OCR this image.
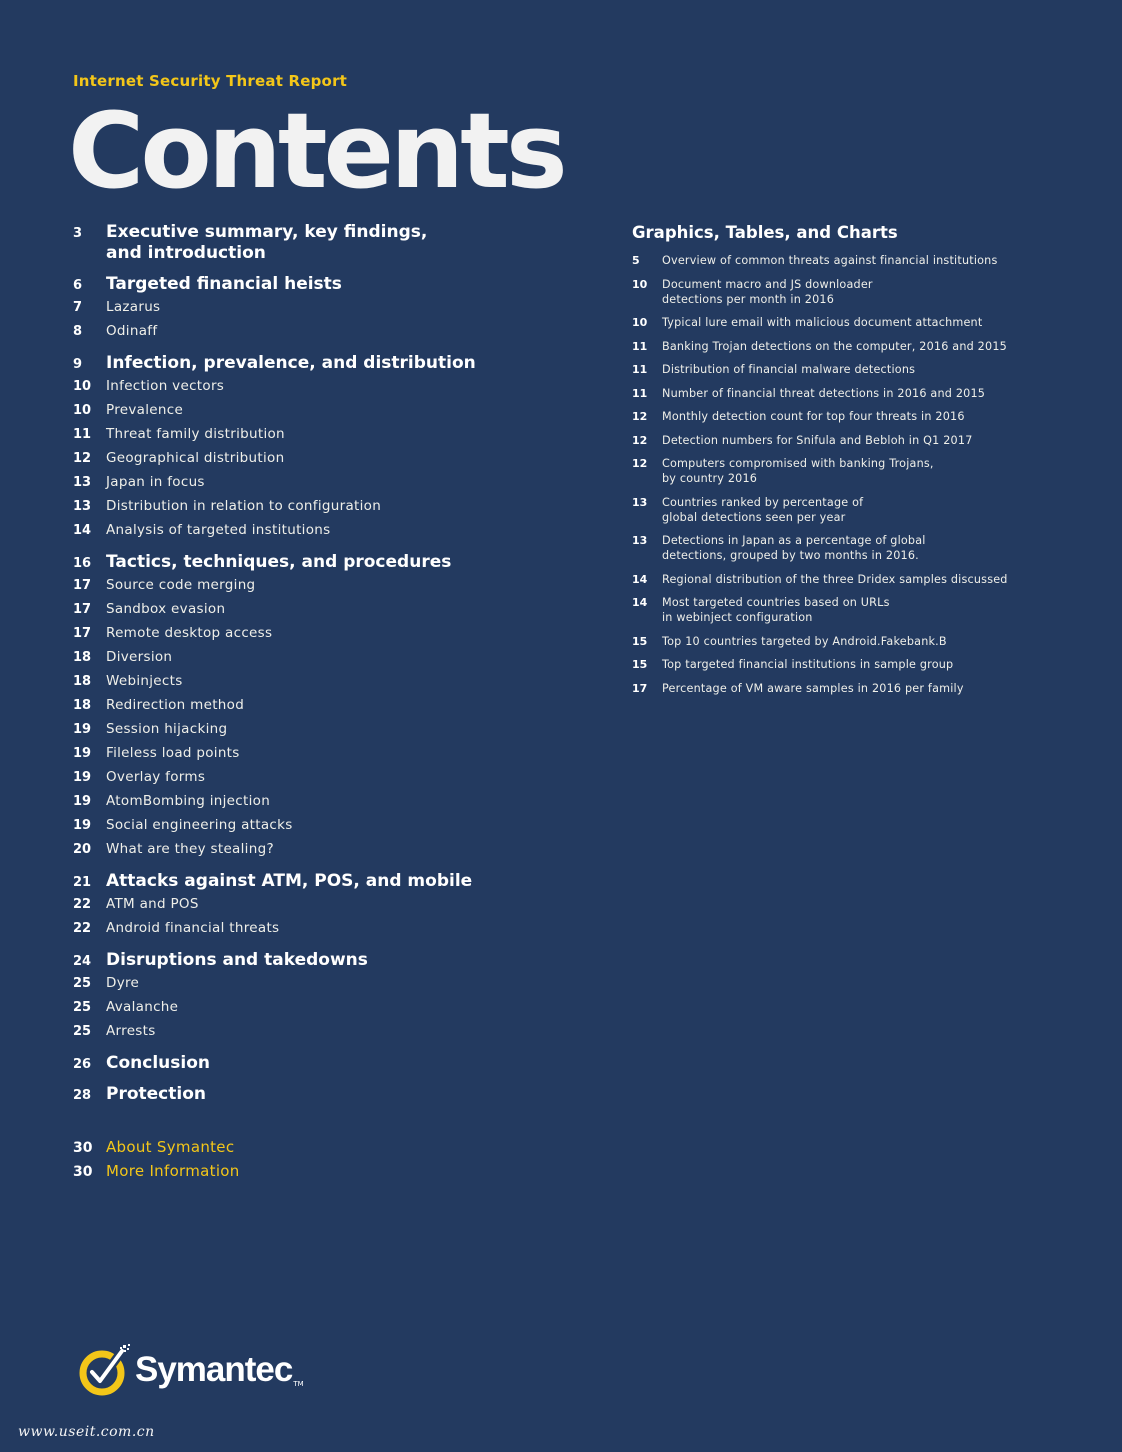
Internet Security Threat Report
Contents
3	Executive summary, key findings,
and introduction
6	Targeted financial heists
7	Lazarus
8	Odinaff
9	Infection, prevalence, and distribution
10	Infection vectors
10	Prevalence
11	Threat family distribution
12	Geographical distribution
13	Japan in focus
13	Distribution in relation to configuration
14	Analysis of targeted institutions
16 Tactics, techniques, and procedures
17	Source code merging
17	Sandbox evasion
17	Remote desktop access
18	Diversion
18	Webinjects
18	Redirection method
19	Session hijacking
19	Fileless load points
19	Overlay forms
19	AtomBombing injection
19	Social engineering attacks
20	What are they stealing?
21 Attacks against ATM, POS, and mobile
22	ATM and POS
22	Android financial threats
24 Disruptions and takedowns
25	Dyre
25	Avalanche
25	Arrests
26 Conclusion
28 Protection
30 About Symantec
30 More Information
Graphics, Tables, and Charts
5	Overview of common threats against financial institutions
10	Document macro and JS downloader
detections per month in 2016
10	Typical lure email with malicious document attachment
11	Banking Trojan detections on the computer, 2016 and 2015
11	Distribution of financial malware detections
11	Number of financial threat detections in 2016 and 2015
12	Monthly detection count for top four threats in 2016
12	Detection numbers for Snifula and Bebloh in Q1 2017
12	Computers compromised with banking Trojans,
by country 2016
13	Countries ranked by percentage of
global detections seen per year
13	Detections in Japan as a percentage of global
detections, grouped by two months in 2016.
14	Regional distribution of the three Dridex samples discussed
14	Most targeted countries based on URLs
in webinject configuration
15	Top 10 countries targeted by Android.Fakebank.B
15	Top targeted financial institutions in sample group
17	Percentage of VM aware samples in 2016 per family
Symantec TM
www.useit.com.cn
